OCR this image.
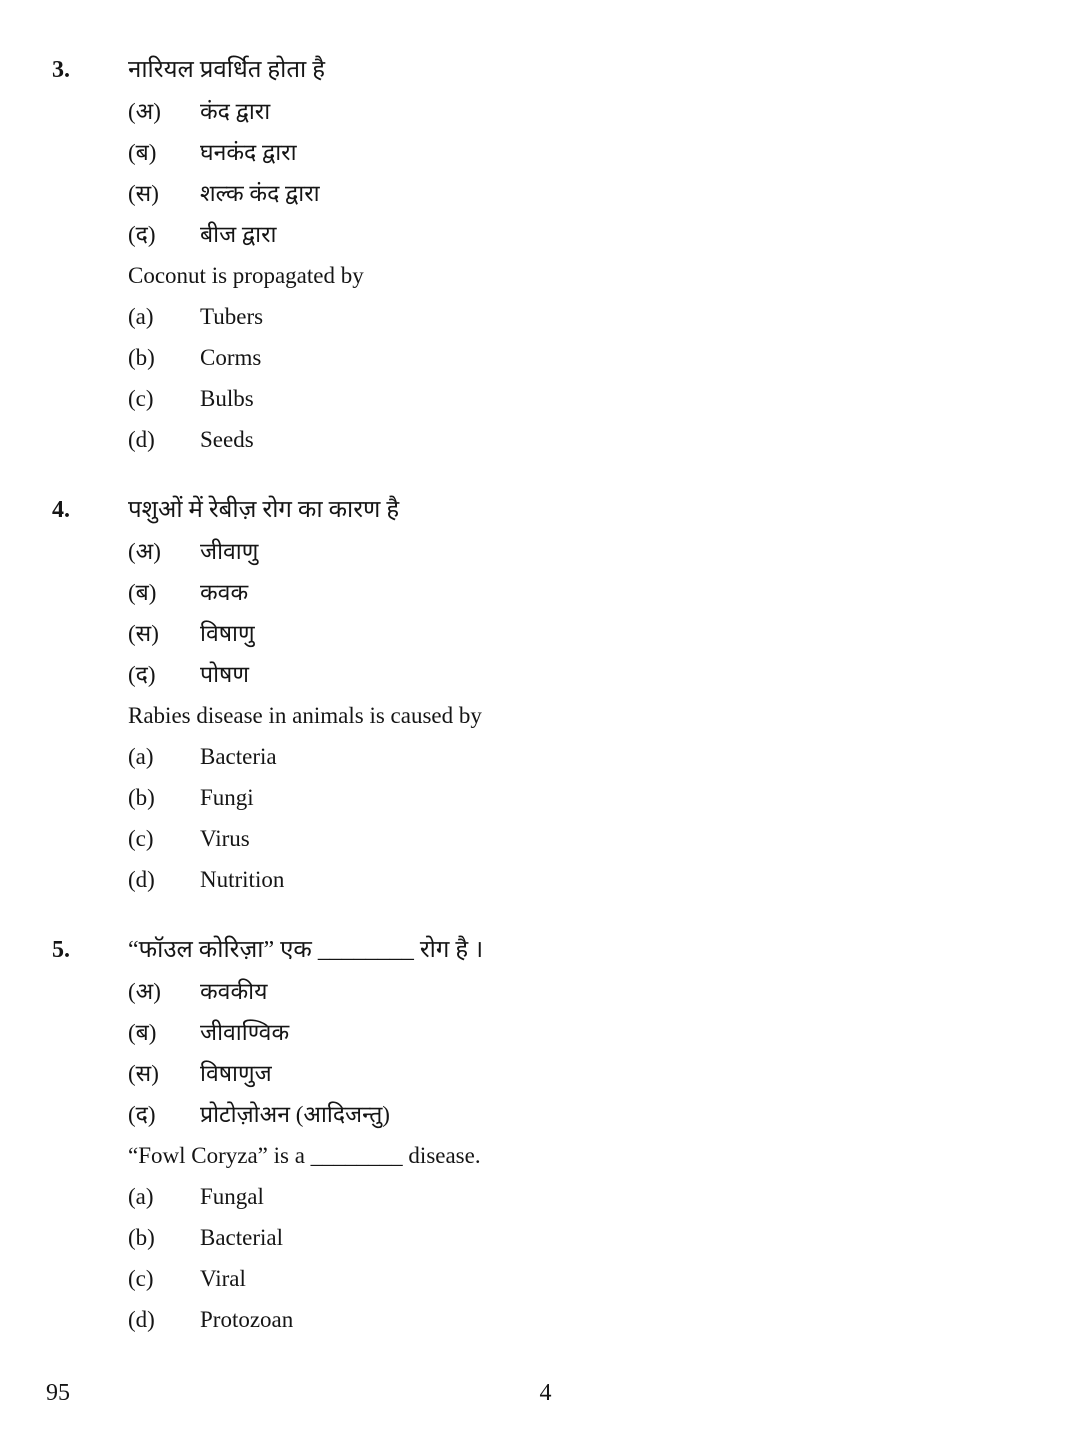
3.	नारियल प्रवर्धित होता है
(अ)	कंद द्वारा
(ब)	घनकंद द्वारा
(स)	शल्क कंद द्वारा
(द)	बीज द्वारा
Coconut is propagated by
(a)	Tubers
(b)	Corms
(c)	Bulbs
(d)	Seeds
4.	पशुओं में रेबीज़ रोग का कारण है
(अ)	जीवाणु
(ब)	कवक
(स)	विषाणु
(द)	पोषण
Rabies disease in animals is caused by
(a)	Bacteria
(b)	Fungi
(c)	Virus
(d)	Nutrition
5.	“फॉउल कोरिज़ा” एक ________ रोग है ।
(अ)	कवकीय
(ब)	जीवाण्विक
(स)	विषाणुज
(द)	प्रोटोज़ोअन (आदिजन्तु)
“Fowl Coryza” is a ________ disease.
(a)	Fungal
(b)	Bacterial
(c)	Viral
(d)	Protozoan
95	4
